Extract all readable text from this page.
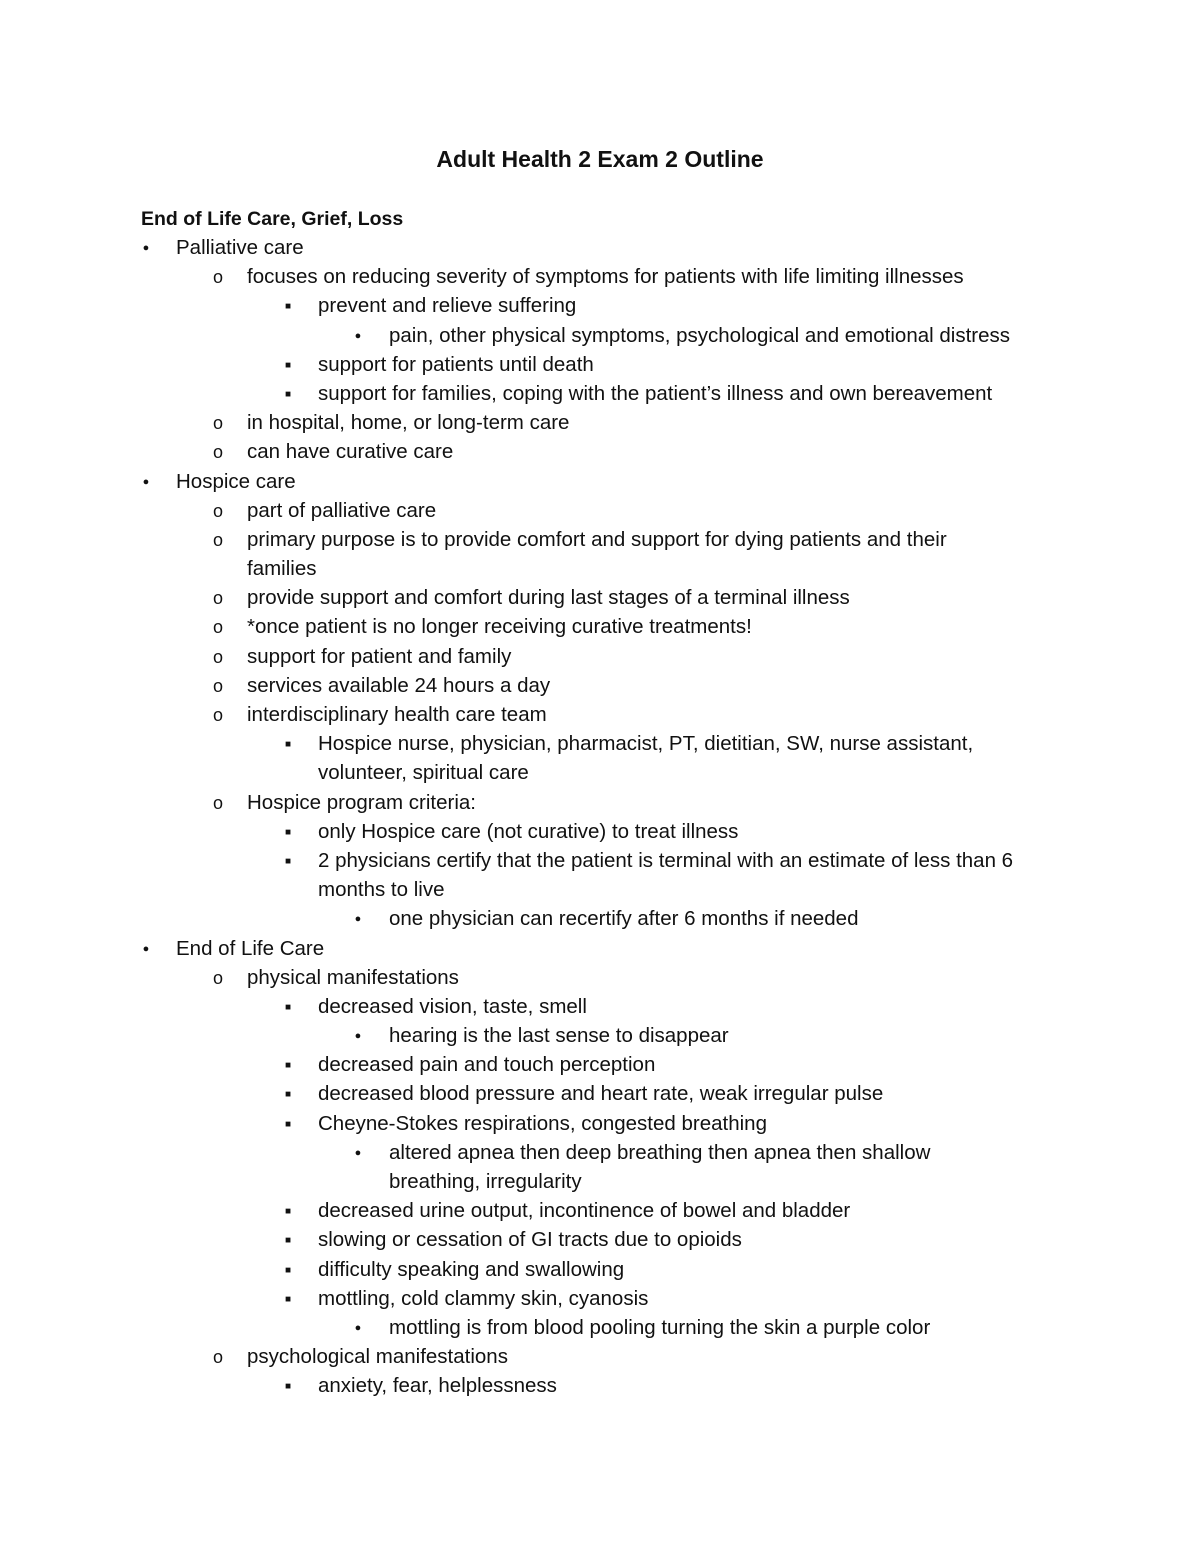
Adult Health 2 Exam 2 Outline
End of Life Care, Grief, Loss
●
Palliative care
o
focuses on reducing severity of symptoms for patients with life limiting illnesses
■
prevent and relieve suffering
●
pain, other physical symptoms, psychological and emotional distress
■
support for patients until death
■
support for families, coping with the patient’s illness and own bereavement
o
in hospital, home, or long-term care
o
can have curative care
●
Hospice care
o
part of palliative care
o
primary purpose is to provide comfort and support for dying patients and their
families
o
provide support and comfort during last stages of a terminal illness
o
*once patient is no longer receiving curative treatments!
o
support for patient and family
o
services available 24 hours a day
o
interdisciplinary health care team
■
Hospice nurse, physician, pharmacist, PT, dietitian, SW, nurse assistant,
volunteer, spiritual care
o
Hospice program criteria:
■
only Hospice care (not curative) to treat illness
■
2 physicians certify that the patient is terminal with an estimate of less than 6
months to live
●
one physician can recertify after 6 months if needed
●
End of Life Care
o
physical manifestations
■
decreased vision, taste, smell
●
hearing is the last sense to disappear
■
decreased pain and touch perception
■
decreased blood pressure and heart rate, weak irregular pulse
■
Cheyne-Stokes respirations, congested breathing
●
altered apnea then deep breathing then apnea then shallow
breathing, irregularity
■
decreased urine output, incontinence of bowel and bladder
■
slowing or cessation of GI tracts due to opioids
■
difficulty speaking and swallowing
■
mottling, cold clammy skin, cyanosis
●
mottling is from blood pooling turning the skin a purple color
o
psychological manifestations
■
anxiety, fear, helplessness
